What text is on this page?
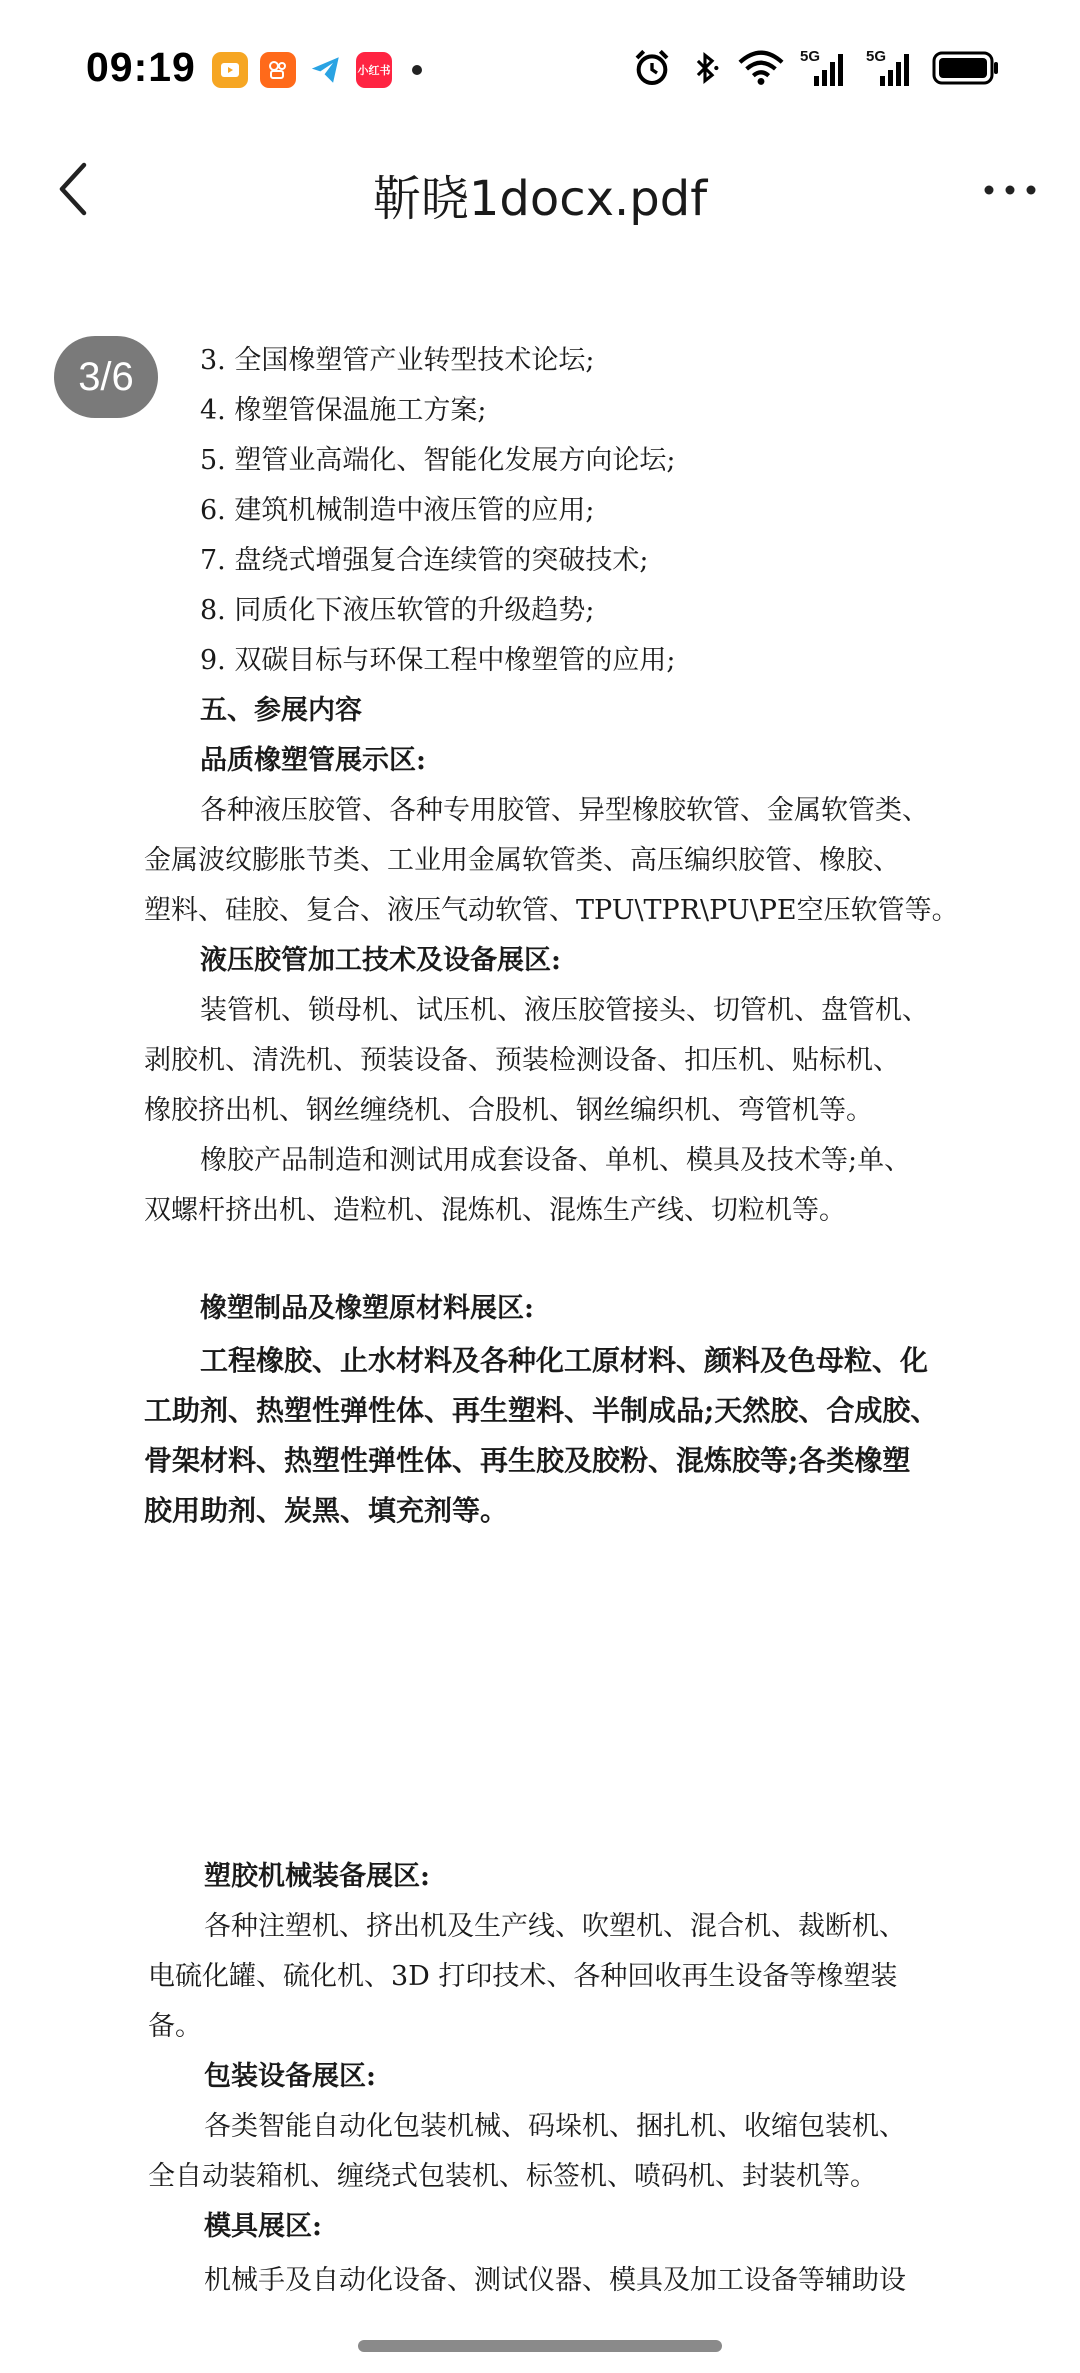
09:19	小红书
5G	5G
靳晓1docx.pdf
3. 全国橡塑管产业转型技术论坛;
4. 橡塑管保温施工方案;
5. 塑管业高端化、智能化发展方向论坛;
6. 建筑机械制造中液压管的应用;
7. 盘绕式增强复合连续管的突破技术;
8. 同质化下液压软管的升级趋势;
9. 双碳目标与环保工程中橡塑管的应用;
五、参展内容
品质橡塑管展示区:
各种液压胶管、各种专用胶管、异型橡胶软管、金属软管类、
金属波纹膨胀节类、工业用金属软管类、高压编织胶管、橡胶、
塑料、硅胶、复合、液压气动软管、TPU\TPR\PU\PE空压软管等。
液压胶管加工技术及设备展区:
装管机、锁母机、试压机、液压胶管接头、切管机、盘管机、
剥胶机、清洗机、预装设备、预装检测设备、扣压机、贴标机、
橡胶挤出机、钢丝缠绕机、合股机、钢丝编织机、弯管机等。
橡胶产品制造和测试用成套设备、单机、模具及技术等;单、
双螺杆挤出机、造粒机、混炼机、混炼生产线、切粒机等。
橡塑制品及橡塑原材料展区:
工程橡胶、止水材料及各种化工原材料、颜料及色母粒、化
工助剂、热塑性弹性体、再生塑料、半制成品;天然胶、合成胶、
骨架材料、热塑性弹性体、再生胶及胶粉、混炼胶等;各类橡塑
胶用助剂、炭黑、填充剂等。
塑胶机械装备展区:
各种注塑机、挤出机及生产线、吹塑机、混合机、裁断机、
电硫化罐、硫化机、3D 打印技术、各种回收再生设备等橡塑装
备。
包装设备展区:
各类智能自动化包装机械、码垛机、捆扎机、收缩包装机、
全自动装箱机、缠绕式包装机、标签机、喷码机、封装机等。
模具展区:
机械手及自动化设备、测试仪器、模具及加工设备等辅助设
3/6
